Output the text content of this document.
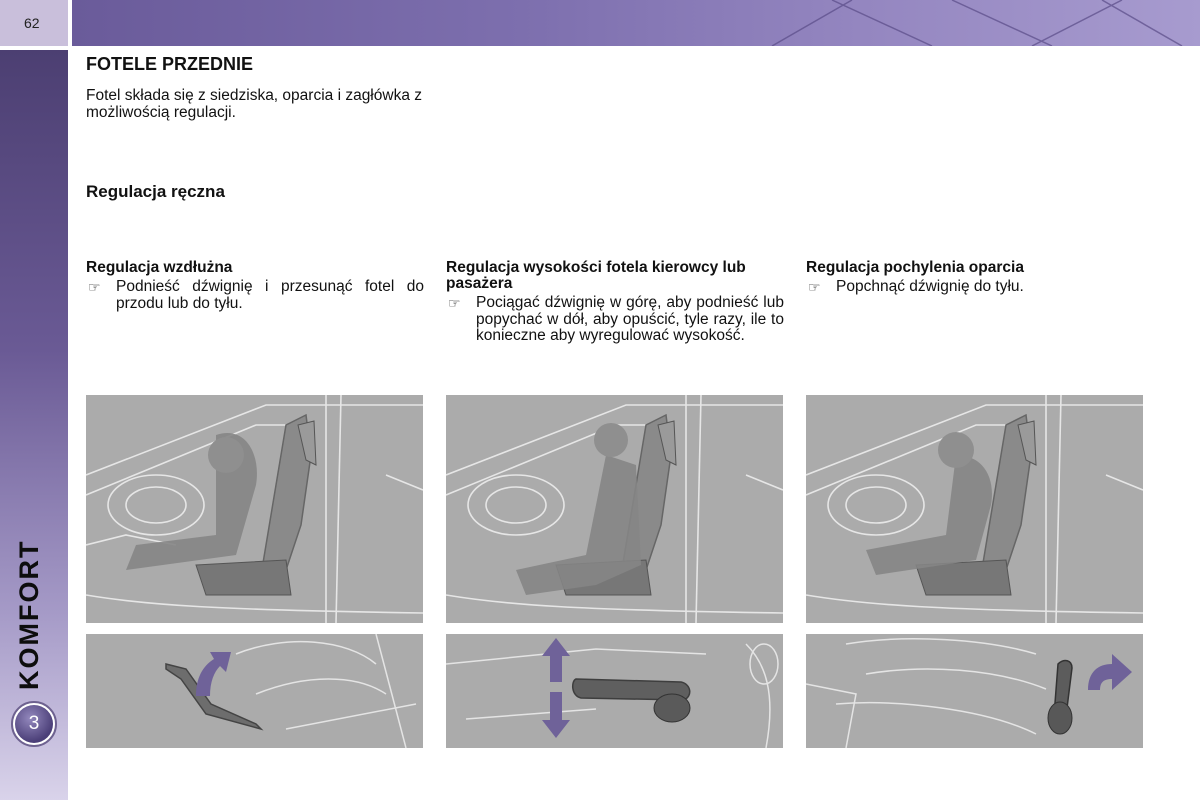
62
KOMFORT
3
FOTELE PRZEDNIE
Fotel składa się z siedziska, oparcia i zagłówka z możliwością regulacji.
Regulacja ręczna
Regulacja wzdłużna
☞ Podnieść dźwignię i przesunąć fotel do przodu lub do tyłu.
Regulacja wysokości fotela kierowcy lub pasażera
☞ Pociągać dźwignię w górę, aby podnieść lub popychać w dół, aby opuścić, tyle razy, ile to konieczne aby wyregulować wysokość.
Regulacja pochylenia oparcia
☞ Popchnąć dźwignię do tyłu.
